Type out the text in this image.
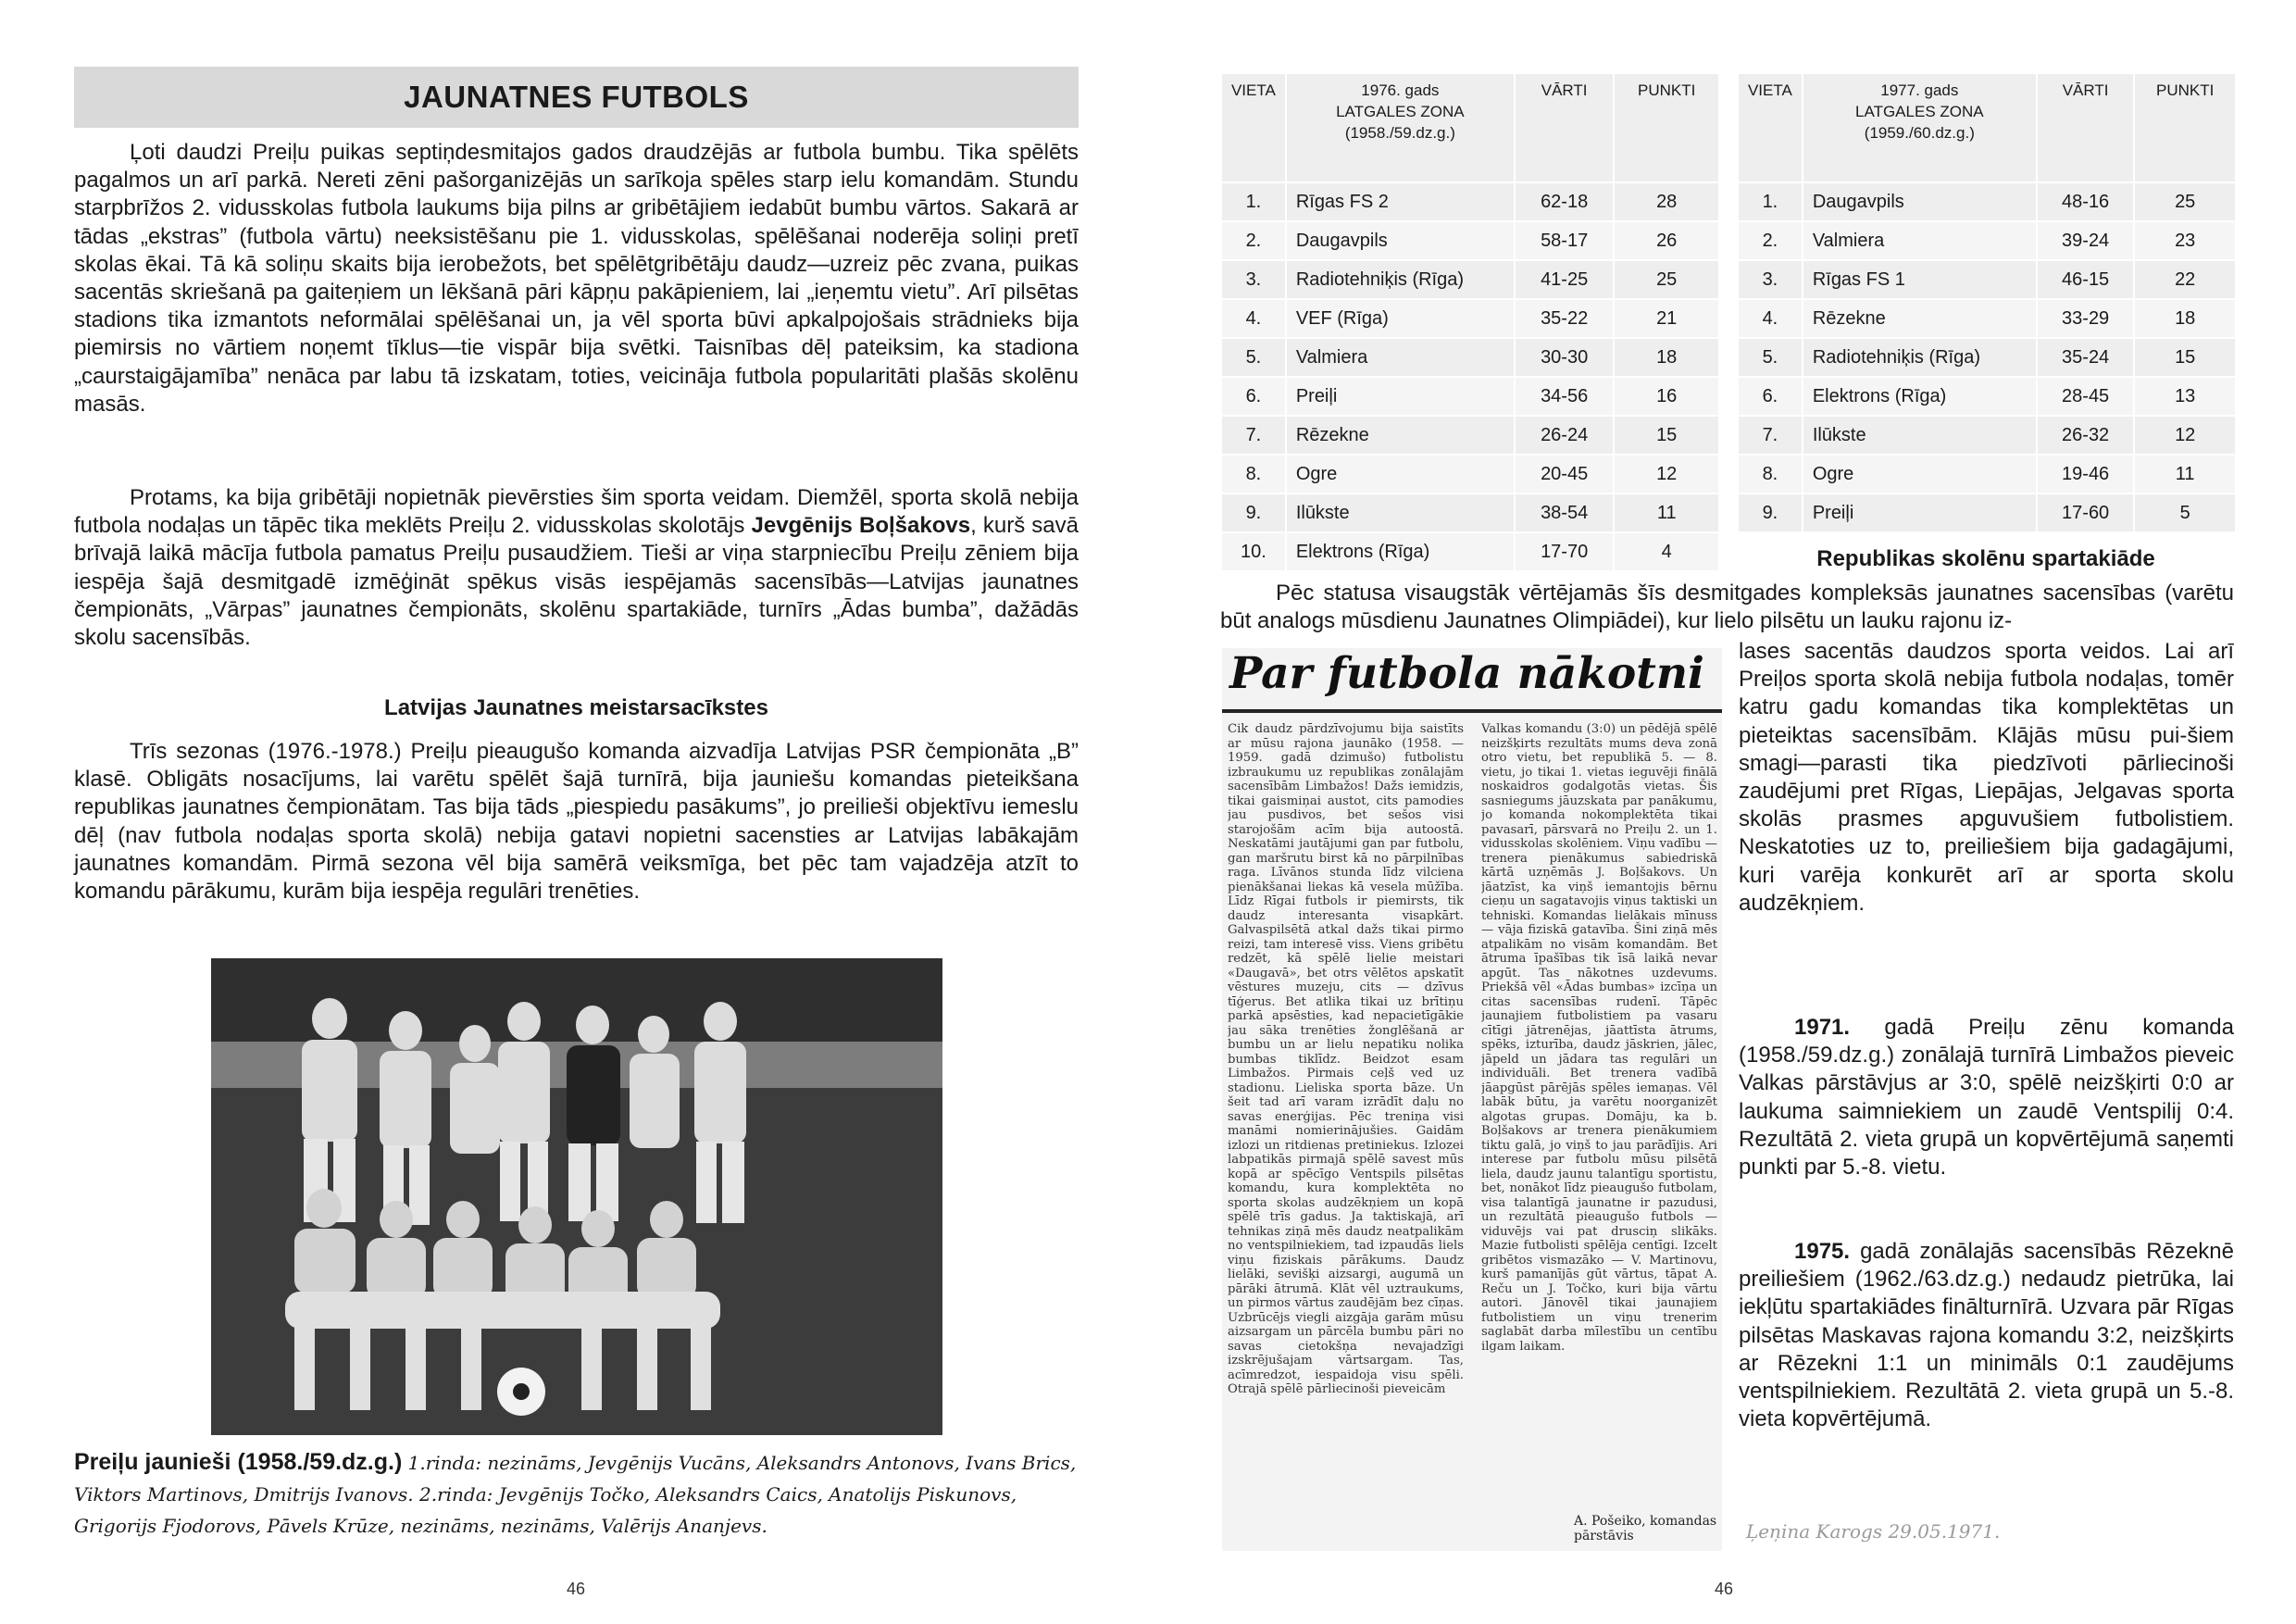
JAUNATNES FUTBOLS

Ļoti daudzi Preiļu puikas septiņdesmitajos gados draudzējās ar futbola bumbu. Tika spēlēts pagalmos un arī parkā. Nereti zēni pašorganizējās un sarīkoja spēles starp ielu komandām. Stundu starpbrīžos 2. vidusskolas futbola laukums bija pilns ar gribētājiem iedabūt bumbu vārtos. Sakarā ar tādas „ekstras” (futbola vārtu) neeksistēšanu pie 1. vidusskolas, spēlēšanai noderēja soliņi pretī skolas ēkai. Tā kā soliņu skaits bija ierobežots, bet spēlētgribētāju daudz—uzreiz pēc zvana, puikas sacentās skriešanā pa gaiteņiem un lēkšanā pāri kāpņu pakāpieniem, lai „ieņemtu vietu”. Arī pilsētas stadions tika izmantots neformālai spēlēšanai un, ja vēl sporta būvi apkalpojošais strādnieks bija piemirsis no vārtiem noņemt tīklus—tie vispār bija svētki. Taisnības dēļ pateiksim, ka stadiona „caurstaigājamība” nenāca par labu tā izskatam, toties, veicināja futbola popularitāti plašās skolēnu masās.

Protams, ka bija gribētāji nopietnāk pievērsties šim sporta veidam. Diemžēl, sporta skolā nebija futbola nodaļas un tāpēc tika meklēts Preiļu 2. vidusskolas skolotājs Jevgēnijs Boļšakovs, kurš savā brīvajā laikā mācīja futbola pamatus Preiļu pusaudžiem. Tieši ar viņa starpniecību Preiļu zēniem bija iespēja šajā desmitgadē izmēģināt spēkus visās iespējamās sacensībās—Latvijas jaunatnes čempionāts, „Vārpas” jaunatnes čempionāts, skolēnu spartakiāde, turnīrs „Ādas bumba”, dažādās skolu sacensībās.

Latvijas Jaunatnes meistarsacīkstes

Trīs sezonas (1976.-1978.) Preiļu pieaugušo komanda aizvadīja Latvijas PSR čempionāta „B” klasē. Obligāts nosacījums, lai varētu spēlēt šajā turnīrā, bija jauniešu komandas pieteikšana republikas jaunatnes čempionātam. Tas bija tāds „piespiedu pasākums”, jo preilieši objektīvu iemeslu dēļ (nav futbola nodaļas sporta skolā) nebija gatavi nopietni sacensties ar Latvijas labākajām jaunatnes komandām. Pirmā sezona vēl bija samērā veiksmīga, bet pēc tam vajadzēja atzīt to komandu pārākumu, kurām bija iespēja regulāri trenēties.

Preiļu jaunieši (1958./59.dz.g.) 1.rinda: nezināms, Jevgēnijs Vucāns, Aleksandrs Antonovs, Ivans Brics, Viktors Martinovs, Dmitrijs Ivanovs. 2.rinda: Jevgēnijs Točko, Aleksandrs Caics, Anatolijs Piskunovs, Grigorijs Fjodorovs, Pāvels Krūze, nezināms, nezināms, Valērijs Ananjevs.

46
VIETA	1976. gads
LATGALES ZONA
(1958./59.dz.g.)	VĀRTI	PUNKTI
1.	Rīgas FS 2	62-18	28
2.	Daugavpils	58-17	26
3.	Radiotehniķis (Rīga)	41-25	25
4.	VEF (Rīga)	35-22	21
5.	Valmiera	30-30	18
6.	Preiļi	34-56	16
7.	Rēzekne	26-24	15
8.	Ogre	20-45	12
9.	Ilūkste	38-54	11
10.	Elektrons (Rīga)	17-70	4
VIETA	1977. gads
LATGALES ZONA
(1959./60.dz.g.)	VĀRTI	PUNKTI
1.	Daugavpils	48-16	25
2.	Valmiera	39-24	23
3.	Rīgas FS 1	46-15	22
4.	Rēzekne	33-29	18
5.	Radiotehniķis (Rīga)	35-24	15
6.	Elektrons (Rīga)	28-45	13
7.	Ilūkste	26-32	12
8.	Ogre	19-46	11
9.	Preiļi	17-60	5
Republikas skolēnu spartakiāde

Pēc statusa visaugstāk vērtējamās šīs desmitgades kompleksās jaunatnes sacensības (varētu būt analogs mūsdienu Jaunatnes Olimpiādei), kur lielo pilsētu un lauku rajonu iz-

Par futbola nākotni
Cik daudz pārdzīvojumu bija saistīts ar mūsu rajona jaunāko (1958. — 1959. gadā dzimušo) futbolistu izbraukumu uz republikas zonālajām sacensībām Limbažos! Dažs iemidzis, tikai gaismiņai austot, cits pamodies jau pusdivos, bet sešos visi starojošām acīm bija autoostā. Neskatāmi jautājumi gan par futbolu, gan maršrutu birst kā no pārpilnības raga. Līvānos stunda līdz vilciena pienākšanai liekas kā vesela mūžība. Līdz Rīgai futbols ir piemirsts, tik daudz interesanta visapkārt. Galvaspilsētā atkal dažs tikai pirmo reizi, tam interesē viss. Viens gribētu redzēt, kā spēlē lielie meistari «Daugavā», bet otrs vēlētos apskatīt vēstures muzeju, cits — dzīvus tīģerus. Bet atlika tikai uz brītiņu parkā apsēsties, kad nepacietīgākie jau sāka trenēties žonglēšanā ar bumbu un ar lielu nepatiku nolika bumbas tiklīdz. Beidzot esam Limbažos. Pirmais ceļš ved uz stadionu. Lieliska sporta bāze. Un šeit tad arī varam izrādīt daļu no savas enerģijas. Pēc treniņa visi manāmi nomierinājušies. Gaidām izlozi un ritdienas pretiniekus. Izlozei labpatikās pirmajā spēlē savest mūs kopā ar spēcīgo Ventspils pilsētas komandu, kura komplektēta no sporta skolas audzēkņiem un kopā spēlē trīs gadus. Ja taktiskajā, arī tehnikas ziņā mēs daudz neatpalikām no ventspilniekiem, tad izpaudās liels viņu fiziskais pārākums. Daudz lielāki, sevišķi aizsargi, augumā un pārāki ātrumā. Klāt vēl uztraukums, un pirmos vārtus zaudējām bez cīņas. Uzbrūcējs viegli aizgāja garām mūsu aizsargam un pārcēla bumbu pāri no savas cietokšņa nevajadzīgi izskrējušajam vārtsargam. Tas, acīmredzot, iespaidoja visu spēli. Otrajā spēlē pārliecinoši pieveicām
Valkas komandu (3:0) un pēdējā spēlē neizšķirts rezultāts mums deva zonā otro vietu, bet republikā 5. — 8. vietu, jo tikai 1. vietas ieguvēji finālā noskaidros godalgotās vietas. Šis sasniegums jāuzskata par panākumu, jo komanda nokomplektēta tikai pavasarī, pārsvarā no Preiļu 2. un 1. vidusskolas skolēniem. Viņu vadību — trenera pienākumus sabiedriskā kārtā uzņēmās J. Boļšakovs. Un jāatzīst, ka viņš iemantojis bērnu cieņu un sagatavojis viņus taktiski un tehniski. Komandas lielākais mīnuss — vāja fiziskā gatavība. Šini ziņā mēs atpalikām no visām komandām. Bet ātruma īpašības tik īsā laikā nevar apgūt. Tas nākotnes uzdevums. Priekšā vēl «Ādas bumbas» izcīņa un citas sacensības rudenī. Tāpēc jaunajiem futbolistiem pa vasaru cītīgi jātrenējas, jāattīsta ātrums, spēks, izturība, daudz jāskrien, jālec, jāpeld un jādara tas regulāri un individuāli. Bet trenera vadībā jāapgūst pārējās spēles iemaņas. Vēl labāk būtu, ja varētu noorganizēt algotas grupas. Domāju, ka b. Boļšakovs ar trenera pienākumiem tiktu galā, jo viņš to jau parādījis. Ari interese par futbolu mūsu pilsētā liela, daudz jaunu talantīgu sportistu, bet, nonākot līdz pieaugušo futbolam, visa talantīgā jaunatne ir pazudusi, un rezultātā pieaugušo futbols — viduvējs vai pat drusciņ slikāks. Mazie futbolisti spēlēja centīgi. Izcelt gribētos vismazāko — V. Martinovu, kurš pamanījās gūt vārtus, tāpat A. Reču un J. Točko, kuri bija vārtu autori. Jānovēl tikai jaunajiem futbolistiem un viņu trenerim saglabāt darba mīlestību un centību ilgam laikam.
A. Pošeiko, komandas pārstāvis

lases sacentās daudzos sporta veidos. Lai arī Preiļos sporta skolā nebija futbola nodaļas, tomēr katru gadu komandas tika komplektētas un pieteiktas sacensībām. Klājās mūsu pui-šiem smagi—parasti tika piedzīvoti pārliecinoši zaudējumi pret Rīgas, Liepājas, Jelgavas sporta skolās prasmes apguvušiem futbolistiem. Neskatoties uz to, preiliešiem bija gadagājumi, kuri varēja konkurēt arī ar sporta skolu audzēkņiem.

1971. gadā Preiļu zēnu komanda (1958./59.dz.g.) zonālajā turnīrā Limbažos pieveic Valkas pārstāvjus ar 3:0, spēlē neizšķirti 0:0 ar laukuma saimniekiem un zaudē Ventspilij 0:4. Rezultātā 2. vieta grupā un kopvērtējumā saņemti punkti par 5.-8. vietu.

1975. gadā zonālajās sacensībās Rēzeknē preiliešiem (1962./63.dz.g.) nedaudz pietrūka, lai iekļūtu spartakiādes finālturnīrā. Uzvara pār Rīgas pilsētas Maskavas rajona komandu 3:2, neizšķirts ar Rēzekni 1:1 un minimāls 0:1 zaudējums ventspilniekiem. Rezultātā 2. vieta grupā un 5.-8. vieta kopvērtējumā.

Ļeņina Karogs 29.05.1971.
46
